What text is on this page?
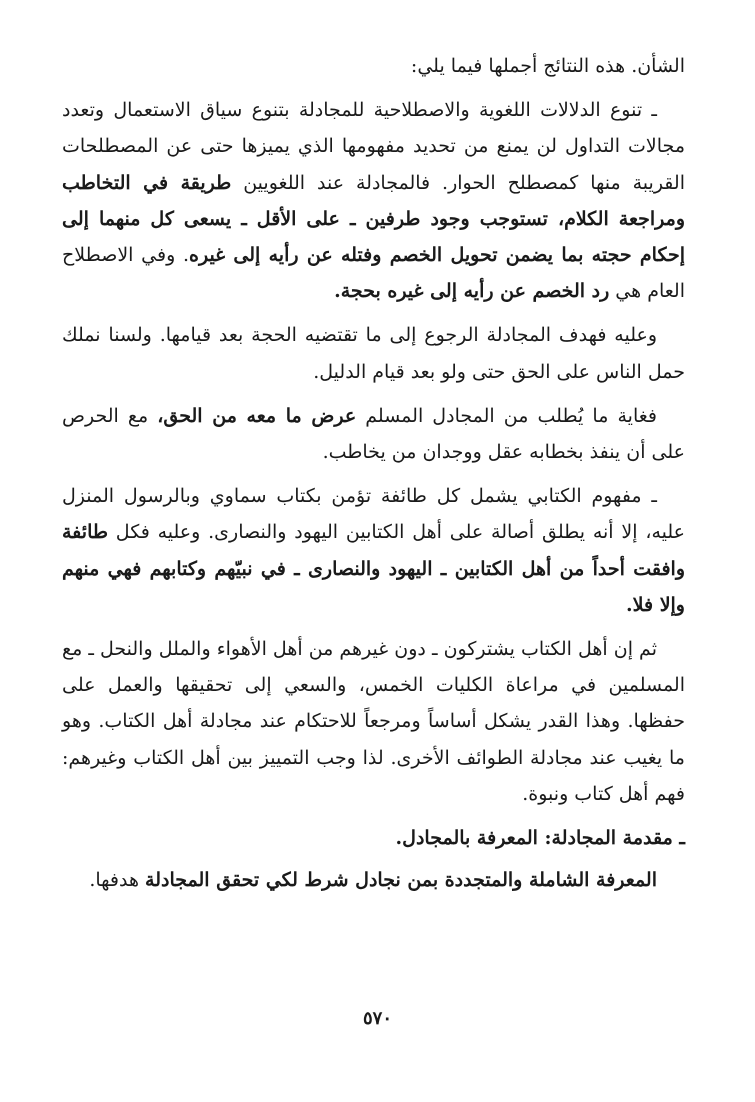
الشأن. هذه النتائج أجملها فيما يلي:

ـ تنوع الدلالات اللغوية والاصطلاحية للمجادلة بتنوع سياق الاستعمال وتعدد مجالات التداول لن يمنع من تحديد مفهومها الذي يميزها حتى عن المصطلحات القريبة منها كمصطلح الحوار. فالمجادلة عند اللغويين طريقة في التخاطب ومراجعة الكلام، تستوجب وجود طرفين ـ على الأقل ـ يسعى كل منهما إلى إحكام حجته بما يضمن تحويل الخصم وفتله عن رأيه إلى غيره. وفي الاصطلاح العام هي رد الخصم عن رأيه إلى غيره بحجة.

وعليه فهدف المجادلة الرجوع إلى ما تقتضيه الحجة بعد قيامها. ولسنا نملك حمل الناس على الحق حتى ولو بعد قيام الدليل.

فغاية ما يُطلب من المجادل المسلم عرض ما معه من الحق، مع الحرص على أن ينفذ بخطابه عقل ووجدان من يخاطب.

ـ مفهوم الكتابي يشمل كل طائفة تؤمن بكتاب سماوي وبالرسول المنزل عليه، إلا أنه يطلق أصالة على أهل الكتابين اليهود والنصارى. وعليه فكل طائفة وافقت أحداً من أهل الكتابين ـ اليهود والنصارى ـ في نبيّهم وكتابهم فهي منهم وإلا فلا.

ثم إن أهل الكتاب يشتركون ـ دون غيرهم من أهل الأهواء والملل والنحل ـ مع المسلمين في مراعاة الكليات الخمس، والسعي إلى تحقيقها والعمل على حفظها. وهذا القدر يشكل أساساً ومرجعاً للاحتكام عند مجادلة أهل الكتاب. وهو ما يغيب عند مجادلة الطوائف الأخرى. لذا وجب التمييز بين أهل الكتاب وغيرهم: فهم أهل كتاب ونبوة.

ـ مقدمة المجادلة: المعرفة بالمجادل.

المعرفة الشاملة والمتجددة بمن نجادل شرط لكي تحقق المجادلة هدفها.

٥٧٠
